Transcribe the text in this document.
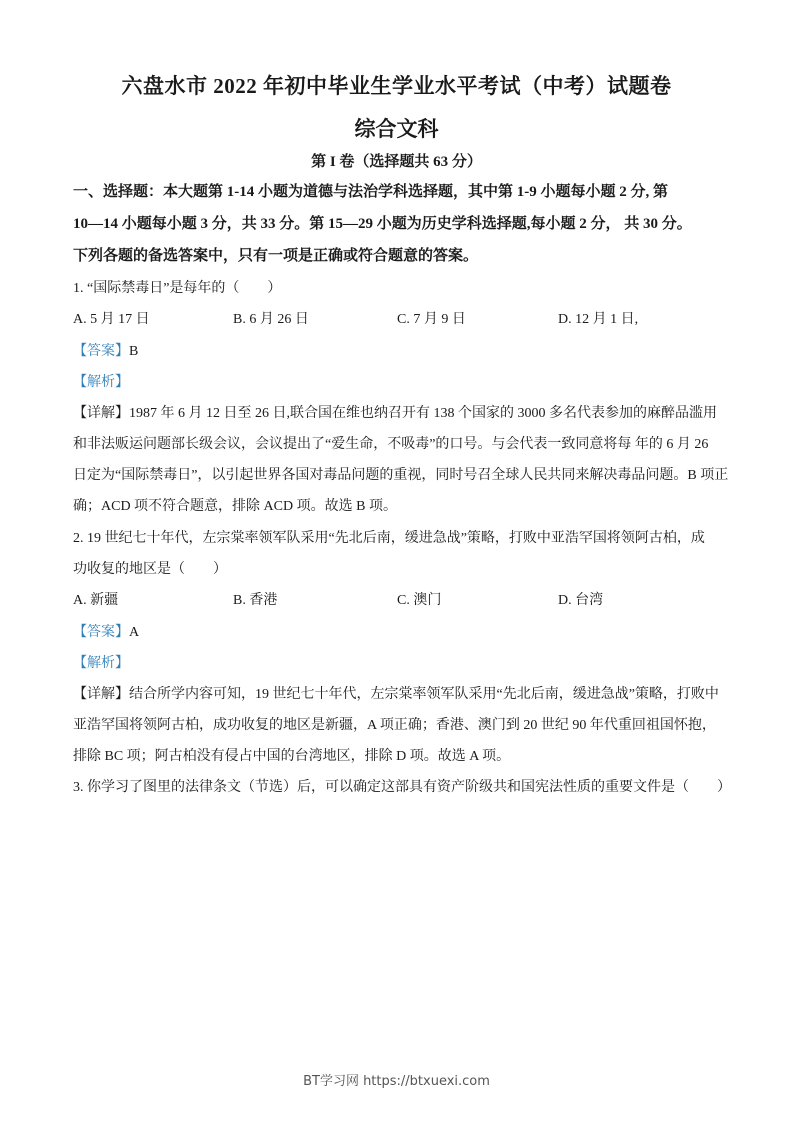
六盘水市 2022 年初中毕业生学业水平考试（中考）试题卷
综合文科
第 I 卷（选择题共 63 分）
一、选择题：本大题第 1-14 小题为道德与法治学科选择题，其中第 1-9 小题每小题 2 分, 第
10—14 小题每小题 3 分，共 33 分。第 15—29 小题为历史学科选择题,每小题 2 分， 共 30 分。
下列各题的备选答案中，只有一项是正确或符合题意的答案。
1. “国际禁毒日”是每年的（　　）
A. 5 月 17 日	B. 6 月 26 日	C. 7 月 9 日	D. 12 月 1 日,
【答案】B
【解析】
【详解】1987 年 6 月 12 日至 26 日,联合国在维也纳召开有 138 个国家的 3000 多名代表参加的麻醉品滥用
和非法贩运问题部长级会议，会议提出了“爱生命，不吸毒”的口号。与会代表一致同意将每 年的 6 月 26
日定为“国际禁毒日”，以引起世界各国对毒品问题的重视，同时号召全球人民共同来解决毒品问题。B 项正
确；ACD 项不符合题意，排除 ACD 项。故选 B 项。
2. 19 世纪七十年代，左宗棠率领军队采用“先北后南，缓进急战”策略，打败中亚浩罕国将领阿古柏，成
功收复的地区是（　　）
A. 新疆	B. 香港	C. 澳门	D. 台湾
【答案】A
【解析】
【详解】结合所学内容可知，19 世纪七十年代，左宗棠率领军队采用“先北后南，缓进急战”策略，打败中
亚浩罕国将领阿古柏，成功收复的地区是新疆，A 项正确；香港、澳门到 20 世纪 90 年代重回祖国怀抱，
排除 BC 项；阿古柏没有侵占中国的台湾地区，排除 D 项。故选 A 项。
3. 你学习了图里的法律条文（节选）后，可以确定这部具有资产阶级共和国宪法性质的重要文件是（　　）
BT学习网 https://btxuexi.com
